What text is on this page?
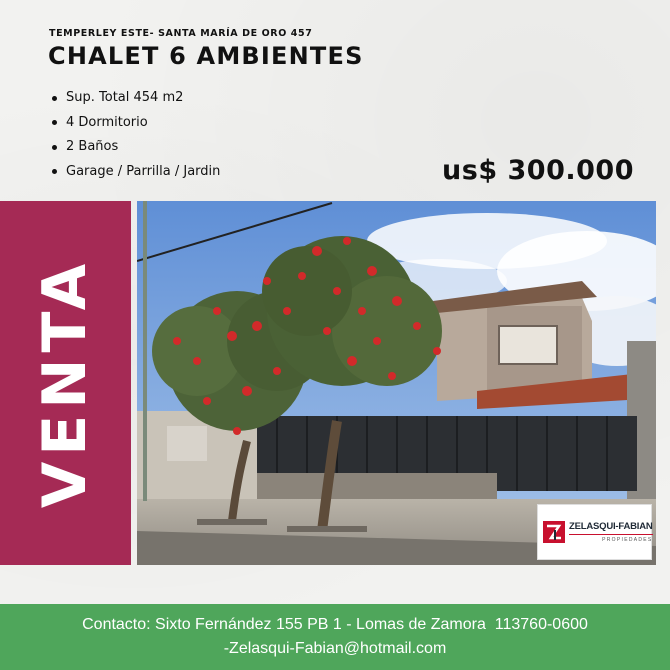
TEMPERLEY ESTE- SANTA MARÍA DE ORO 457
CHALET 6 AMBIENTES
Sup. Total 454 m2
4 Dormitorio
2 Baños
Garage / Parrilla / Jardin	us$ 300.000
VENTA
ZELASQUI-FABIAN
PROPIEDADES
Contacto: Sixto Fernández 155 PB 1 - Lomas de Zamora  113760-0600
-Zelasqui-Fabian@hotmail.com
